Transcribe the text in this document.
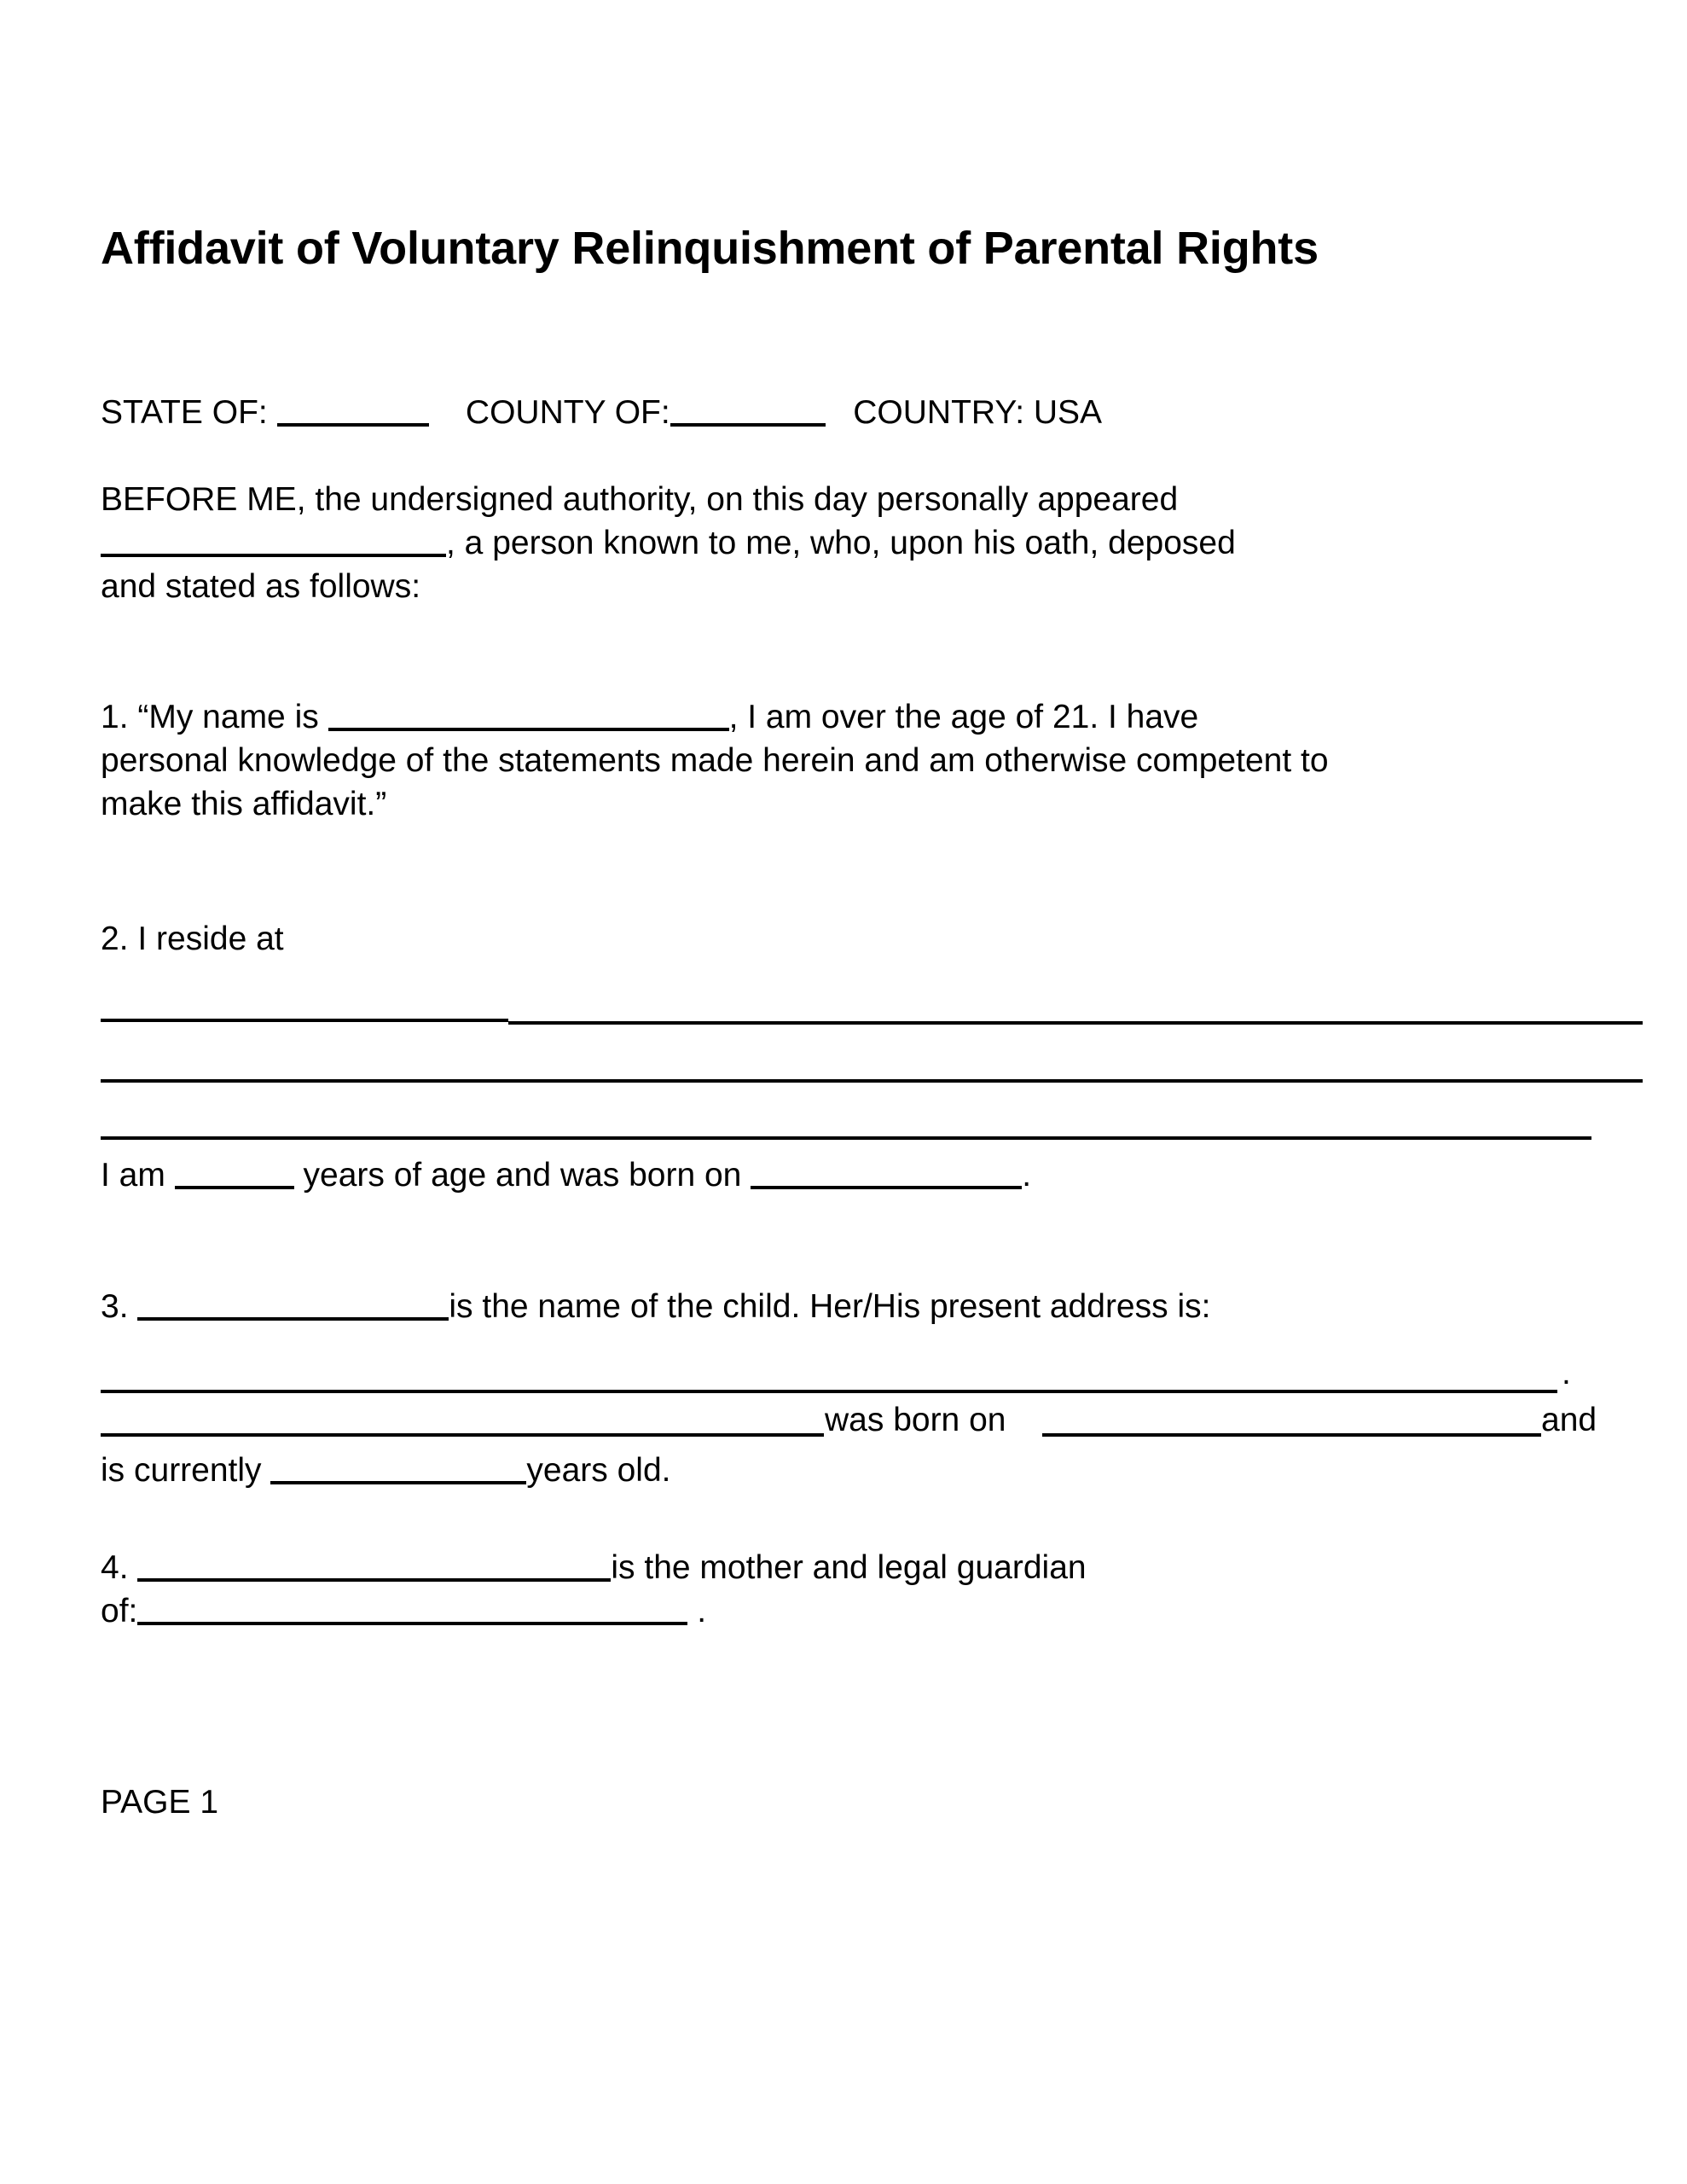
Affidavit of Voluntary Relinquishment of Parental Rights

STATE OF:	COUNTY OF:	COUNTRY: USA

BEFORE ME, the undersigned authority, on this day personally appeared

, a person known to me, who, upon his oath, deposed

and stated as follows:

1. “My name is	, I am over the age of 21. I have

personal knowledge of the statements made herein and am otherwise competent to

make this affidavit.”

2. I reside at

I am	years of age and was born on	.

3.	is the name of the child. Her/His present address is:

.
was born on	and

is currently	years old.

4.	is the mother and legal guardian

of:	.

PAGE 1
